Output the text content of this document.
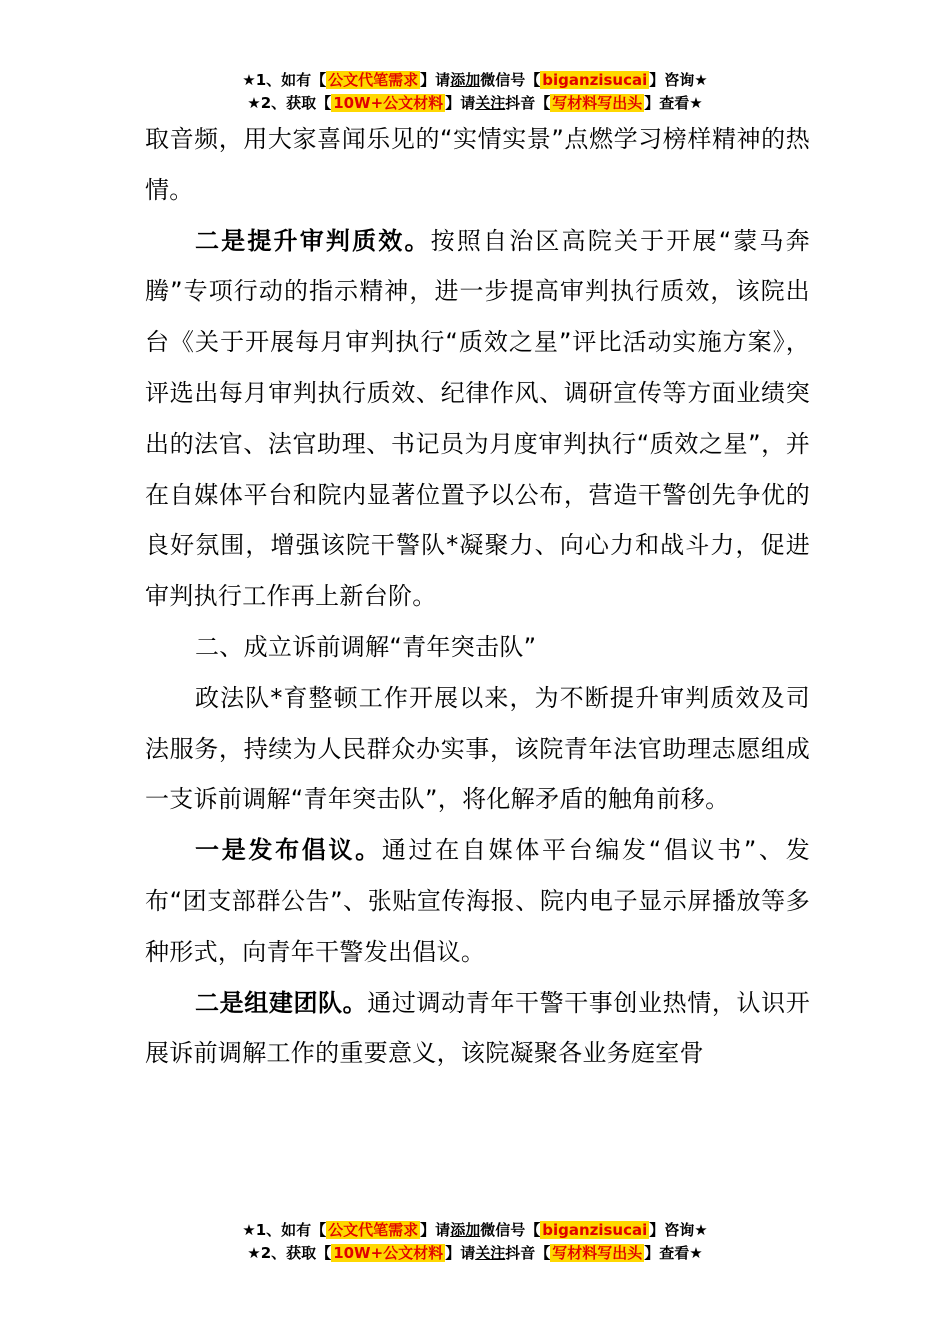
★1、如有【 公文代笔需求 】请添加微信号【 biganzisucai 】咨询★
★2、获取【 10W+公文材料 】请关注抖音【 写材料写出头 】查看★

取音频，用大家喜闻乐见的“实情实景”点燃学习榜样精神的热情。

二是提升审判质效。按照自治区高院关于开展“蒙马奔腾”专项行动的指示精神，进一步提高审判执行质效，该院出台《关于开展每月审判执行“质效之星”评比活动实施方案》，评选出每月审判执行质效、纪律作风、调研宣传等方面业绩突出的法官、法官助理、书记员为月度审判执行“质效之星”，并在自媒体平台和院内显著位置予以公布，营造干警创先争优的良好氛围，增强该院干警队*凝聚力、向心力和战斗力，促进审判执行工作再上新台阶。

二、成立诉前调解“青年突击队”

政法队*育整顿工作开展以来，为不断提升审判质效及司法服务，持续为人民群众办实事，该院青年法官助理志愿组成一支诉前调解“青年突击队”，将化解矛盾的触角前移。

一是发布倡议。通过在自媒体平台编发“倡议书”、发布“团支部群公告”、张贴宣传海报、院内电子显示屏播放等多种形式，向青年干警发出倡议。

二是组建团队。通过调动青年干警干事创业热情，认识开展诉前调解工作的重要意义，该院凝聚各业务庭室骨

★1、如有【 公文代笔需求 】请添加微信号【 biganzisucai 】咨询★
★2、获取【 10W+公文材料 】请关注抖音【 写材料写出头 】查看★
